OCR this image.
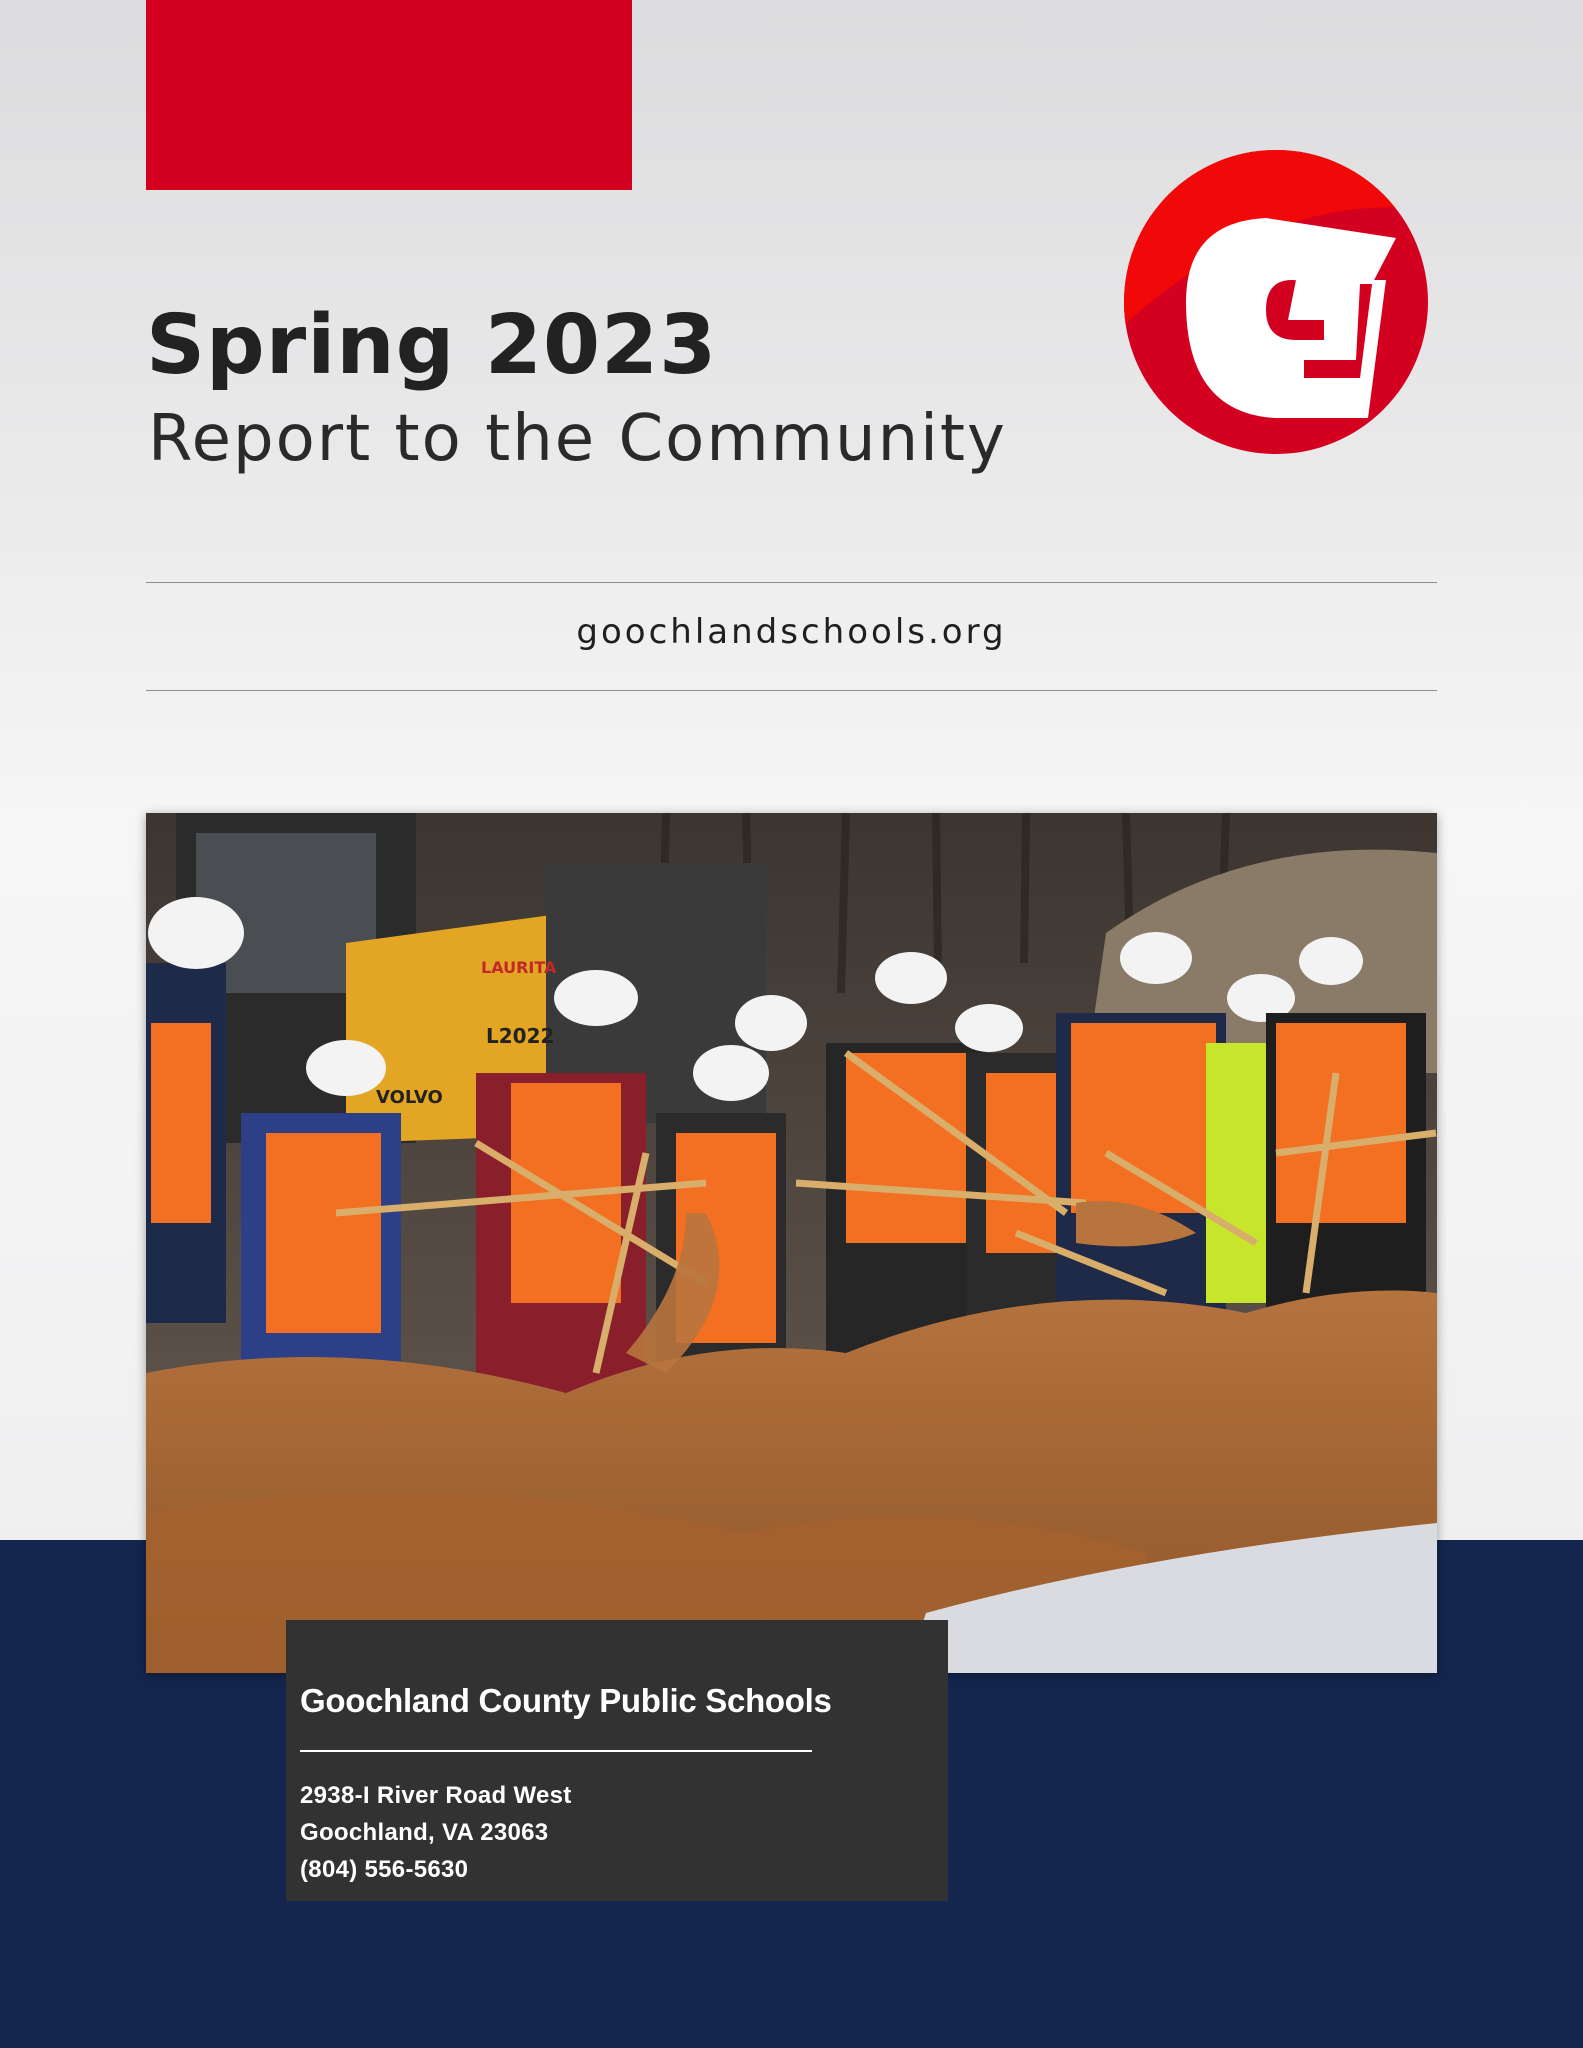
Spring 2023
Report to the Community
goochlandschools.org
LAURITA
L2022
VOLVO
Goochland County Public Schools
2938-I River Road West
Goochland, VA 23063
(804) 556-5630
